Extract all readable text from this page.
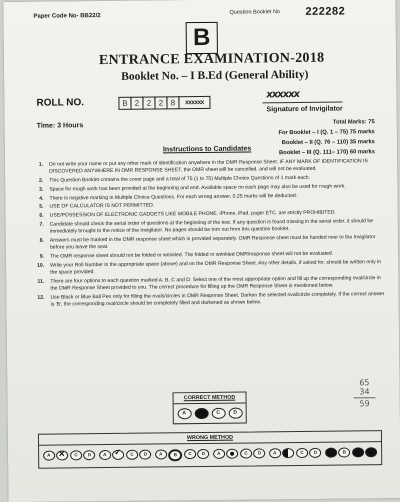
Paper Code No- BB22/2
Question Booklet No 222282
B
ENTRANCE EXAMINATION-2018
Booklet No. – I B.Ed (General Ability)
ROLL NO.	B 2 2 2 8	xxxxxx
xxxxxx
Signature of Invigilator
Time: 3 Hours	Total Marks: 75
For Booklet – I (Q. 1 – 75) 75 marks
Booklet – II (Q. 76 – 110) 35 marks
Booklet – III (Q. 111– 170) 60 marks
Instructions to Candidates
1.	Do not write your name or put any other mark of identification anywhere in the OMR Response Sheet. IF ANY MARK OF IDENTIFICATION IS DISCOVERED ANYWHERE IN OMR RESPONSE SHEET, the OMR sheet will be cancelled, and will not be evaluated.
2.	This Question Booklet contains the cover page and a total of 75 (1 to 75) Multiple Choice Questions of 1 mark each.
3.	Space for rough work has been provided at the beginning and end. Available space on each page may also be used for rough work.
4.	There is negative marking in Multiple Choice Questions. For each wrong answer, 0.25 marks will be deducted.
5.	USE OF CALCULATOR IS NOT PERMITTED.
6.	USE/POSSESSION OF ELECTRONIC GADGETS LIKE MOBILE PHONE, iPhone, iPad, pager ETC. are strictly PROHIBITED.
7.	Candidate should check the serial order of questions at the beginning of the test. If any question is found missing in the serial order, it should be immediately brought to the notice of the Invigilator. No pages should be torn out from this question booklet.
8.	Answers must be marked in the OMR response sheet which is provided separately. OMR Response sheet must be handed over to the Invigilator before you leave the seat.
9.	The OMR response sheet should not be folded or wrinkled. The folded or wrinkled OMR/response sheet will not be evaluated.
10.	Write your Roll Number in the appropriate space (above) and on the OMR Response Sheet. Any other details, if asked for, should be written only in the space provided.
11.	There are four options to each question marked A, B, C and D. Select one of the most appropriate option and fill up the corresponding oval/circle in the OMR Response Sheet provided to you. The correct procedure for filling up the OMR Response Sheet is mentioned below.
12.	Use Black or Blue Ball Pen only for filling the ovals/circles in OMR Response Sheet. Darken the selected oval/circle completely. If the correct answer is 'B', the corresponding oval/circle should be completely filled and darkened as shown below.
65
34
59
CORRECT METHOD
A	B	C	D
WRONG METHOD
A	C	D	A	C	D	A	B	C	D	A	C	D	A	C	D	A	B	C	D
